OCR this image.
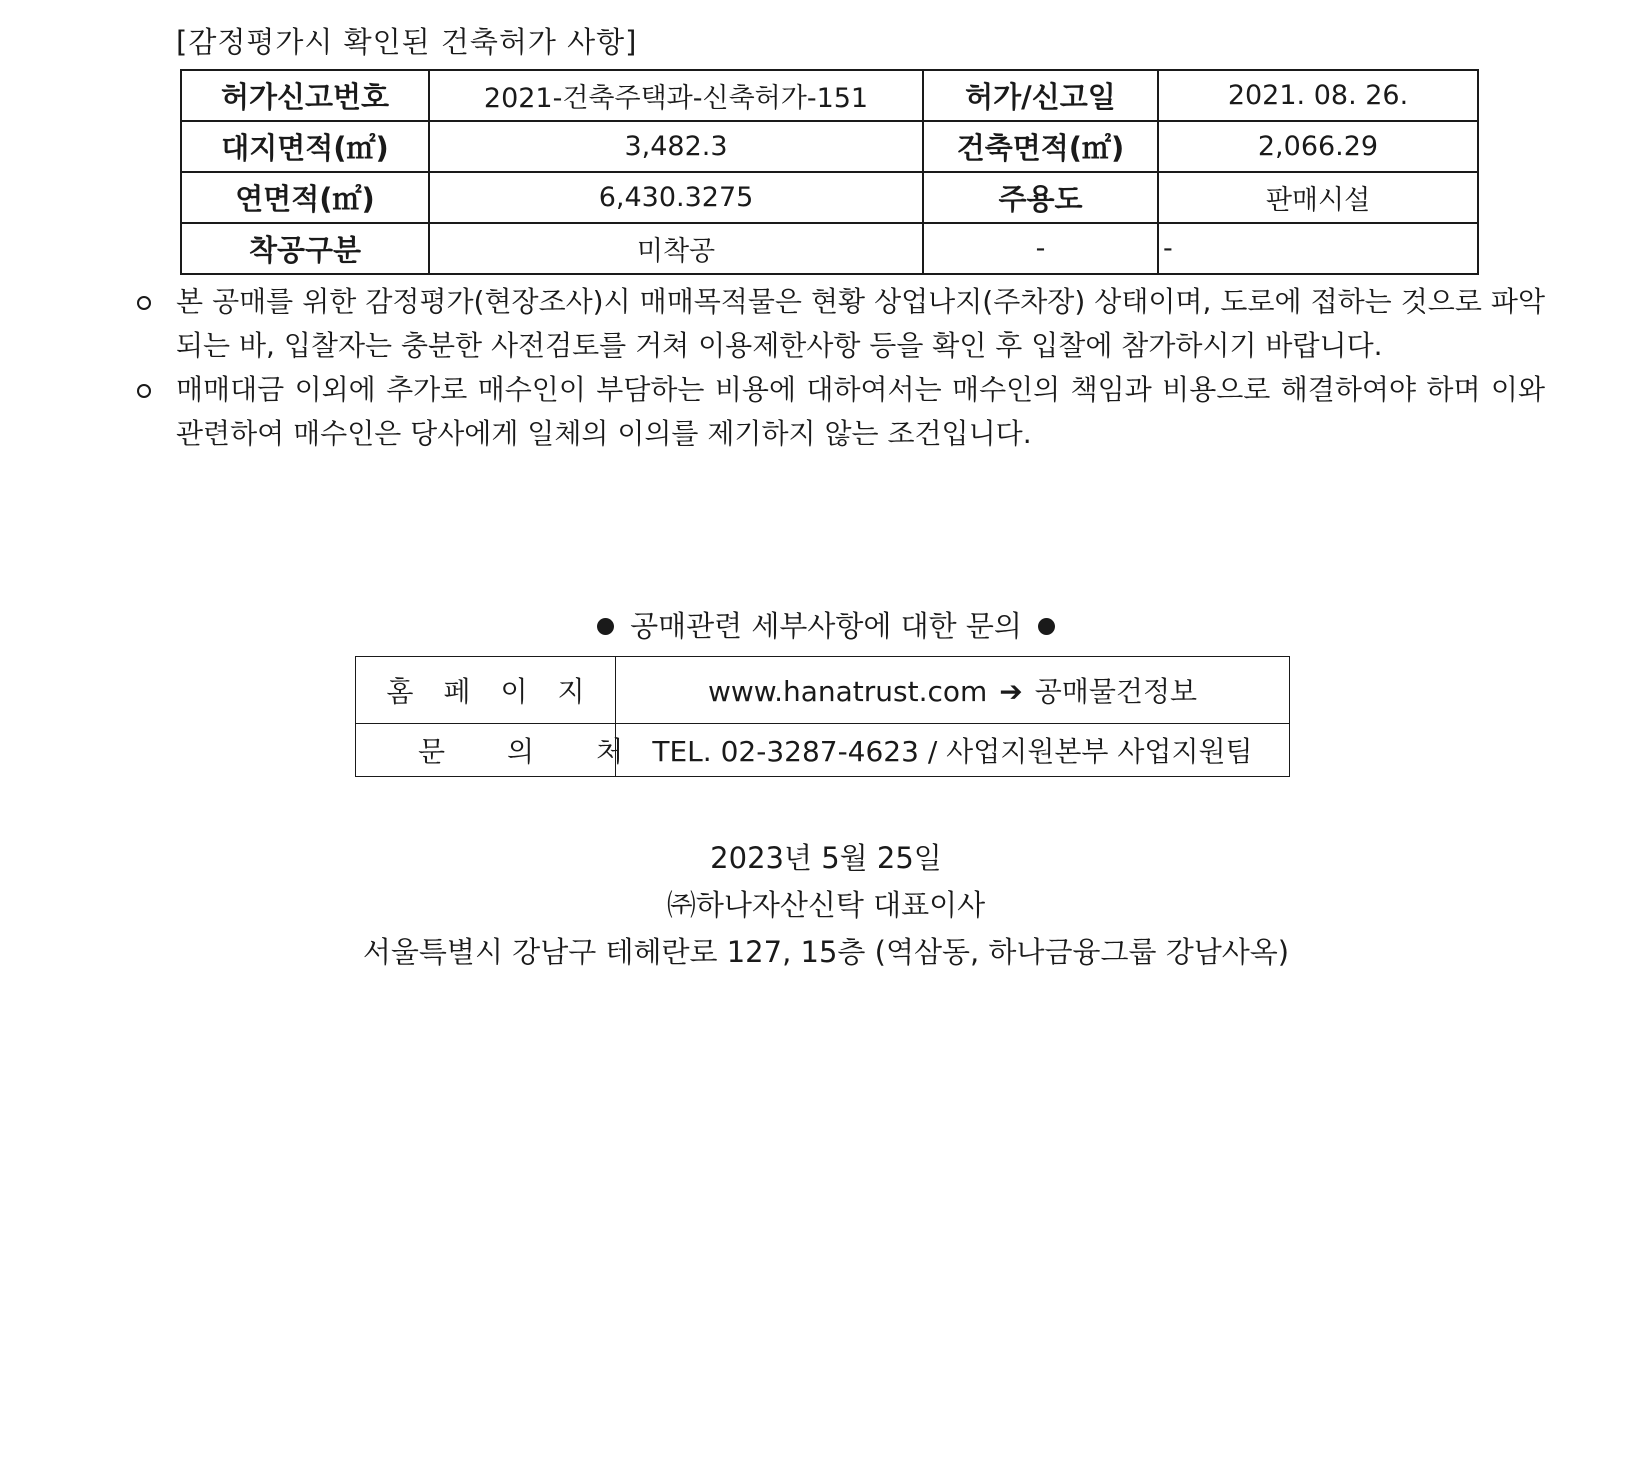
[감정평가시 확인된 건축허가 사항]
허가신고번호	2021-건축주택과-신축허가-151	허가/신고일	2021. 08. 26.
대지면적(㎡)	3,482.3	건축면적(㎡)	2,066.29
연면적(㎡)	6,430.3275	주용도	판매시설
착공구분	미착공	-	-
본 공매를 위한 감정평가(현장조사)시 매매목적물은 현황 상업나지(주차장) 상태이며, 도로에 접하는 것으로 파악되는 바, 입찰자는 충분한 사전검토를 거쳐 이용제한사항 등을 확인 후 입찰에 참가하시기 바랍니다.
매매대금 이외에 추가로 매수인이 부담하는 비용에 대하여서는 매수인의 책임과 비용으로 해결하여야 하며 이와 관련하여 매수인은 당사에게 일체의 이의를 제기하지 않는 조건입니다.
공매관련 세부사항에 대한 문의
홈페이지	www.hanatrust.com ➔ 공매물건정보
문의처	TEL. 02-3287-4623 / 사업지원본부 사업지원팀
2023년 5월 25일
㈜하나자산신탁 대표이사
서울특별시 강남구 테헤란로 127, 15층 (역삼동, 하나금융그룹 강남사옥)
